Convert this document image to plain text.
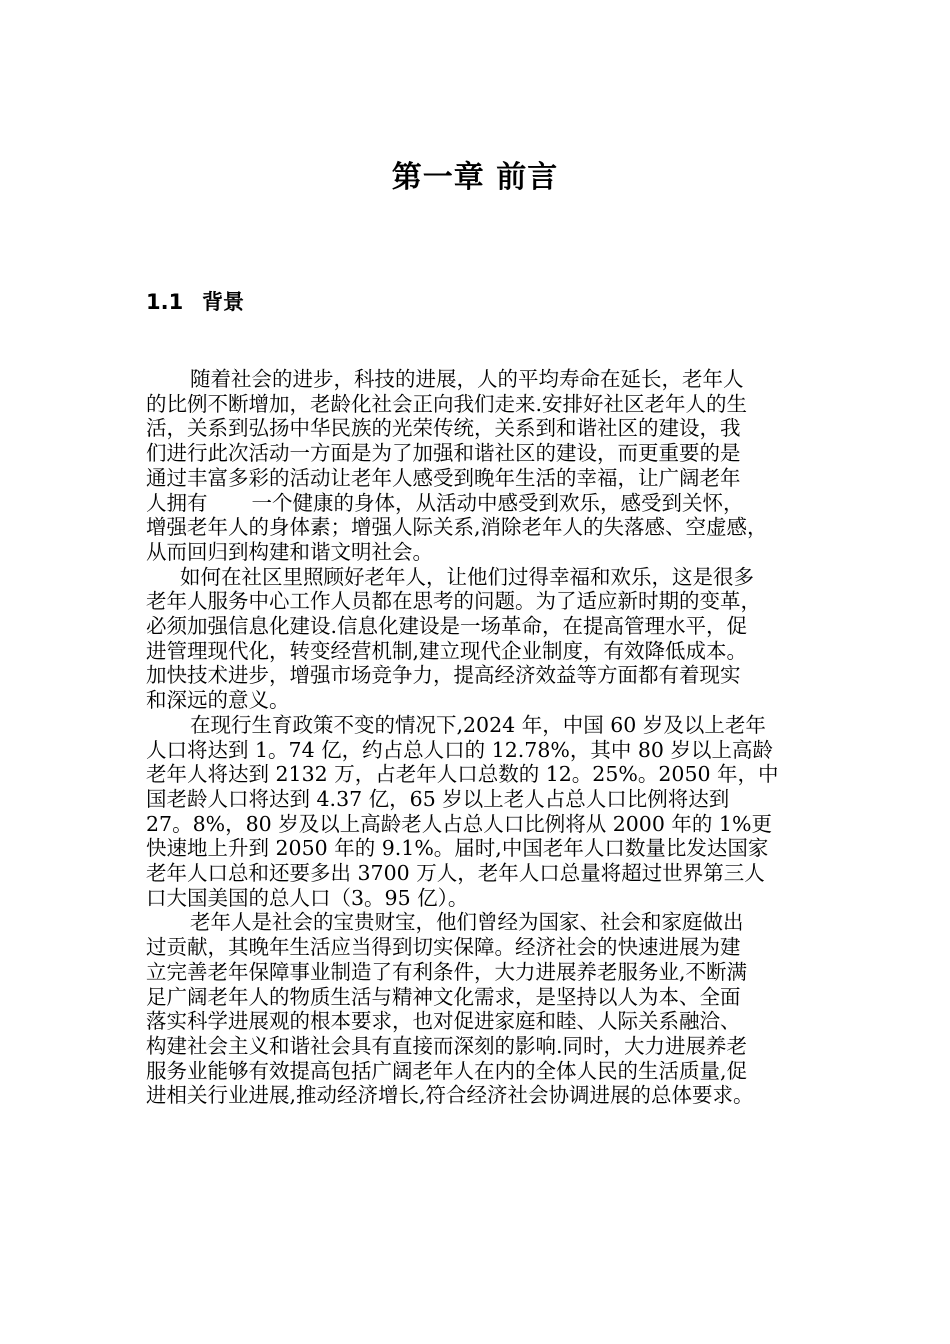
第一章 前言
1.1 背景
随着社会的进步，科技的进展，人的平均寿命在延长，老年人
的比例不断增加，老龄化社会正向我们走来.安排好社区老年人的生
活，关系到弘扬中华民族的光荣传统，关系到和谐社区的建设，我
们进行此次活动一方面是为了加强和谐社区的建设，而更重要的是
通过丰富多彩的活动让老年人感受到晚年生活的幸福，让广阔老年
人拥有 一个健康的身体，从活动中感受到欢乐，感受到关怀，
增强老年人的身体素；增强人际关系,消除老年人的失落感、空虚感，
从而回归到构建和谐文明社会。
如何在社区里照顾好老年人，让他们过得幸福和欢乐，这是很多
老年人服务中心工作人员都在思考的问题。为了适应新时期的变革，
必须加强信息化建设.信息化建设是一场革命，在提高管理水平，促
进管理现代化，转变经营机制,建立现代企业制度，有效降低成本。
加快技术进步，增强市场竞争力，提高经济效益等方面都有着现实
和深远的意义。
在现行生育政策不变的情况下,2024 年，中国 60 岁及以上老年
人口将达到 1。74 亿，约占总人口的 12.78%，其中 80 岁以上高龄
老年人将达到 2132 万，占老年人口总数的 12。25%。2050 年，中
国老龄人口将达到 4.37 亿，65 岁以上老人占总人口比例将达到
27。8%，80 岁及以上高龄老人占总人口比例将从 2000 年的 1%更
快速地上升到 2050 年的 9.1%。届时,中国老年人口数量比发达国家
老年人口总和还要多出 3700 万人，老年人口总量将超过世界第三人
口大国美国的总人口（3。95 亿）。
老年人是社会的宝贵财宝，他们曾经为国家、社会和家庭做出
过贡献，其晚年生活应当得到切实保障。经济社会的快速进展为建
立完善老年保障事业制造了有利条件，大力进展养老服务业,不断满
足广阔老年人的物质生活与精神文化需求，是坚持以人为本、全面
落实科学进展观的根本要求，也对促进家庭和睦、人际关系融洽、
构建社会主义和谐社会具有直接而深刻的影响.同时，大力进展养老
服务业能够有效提高包括广阔老年人在内的全体人民的生活质量,促
进相关行业进展,推动经济增长,符合经济社会协调进展的总体要求。
